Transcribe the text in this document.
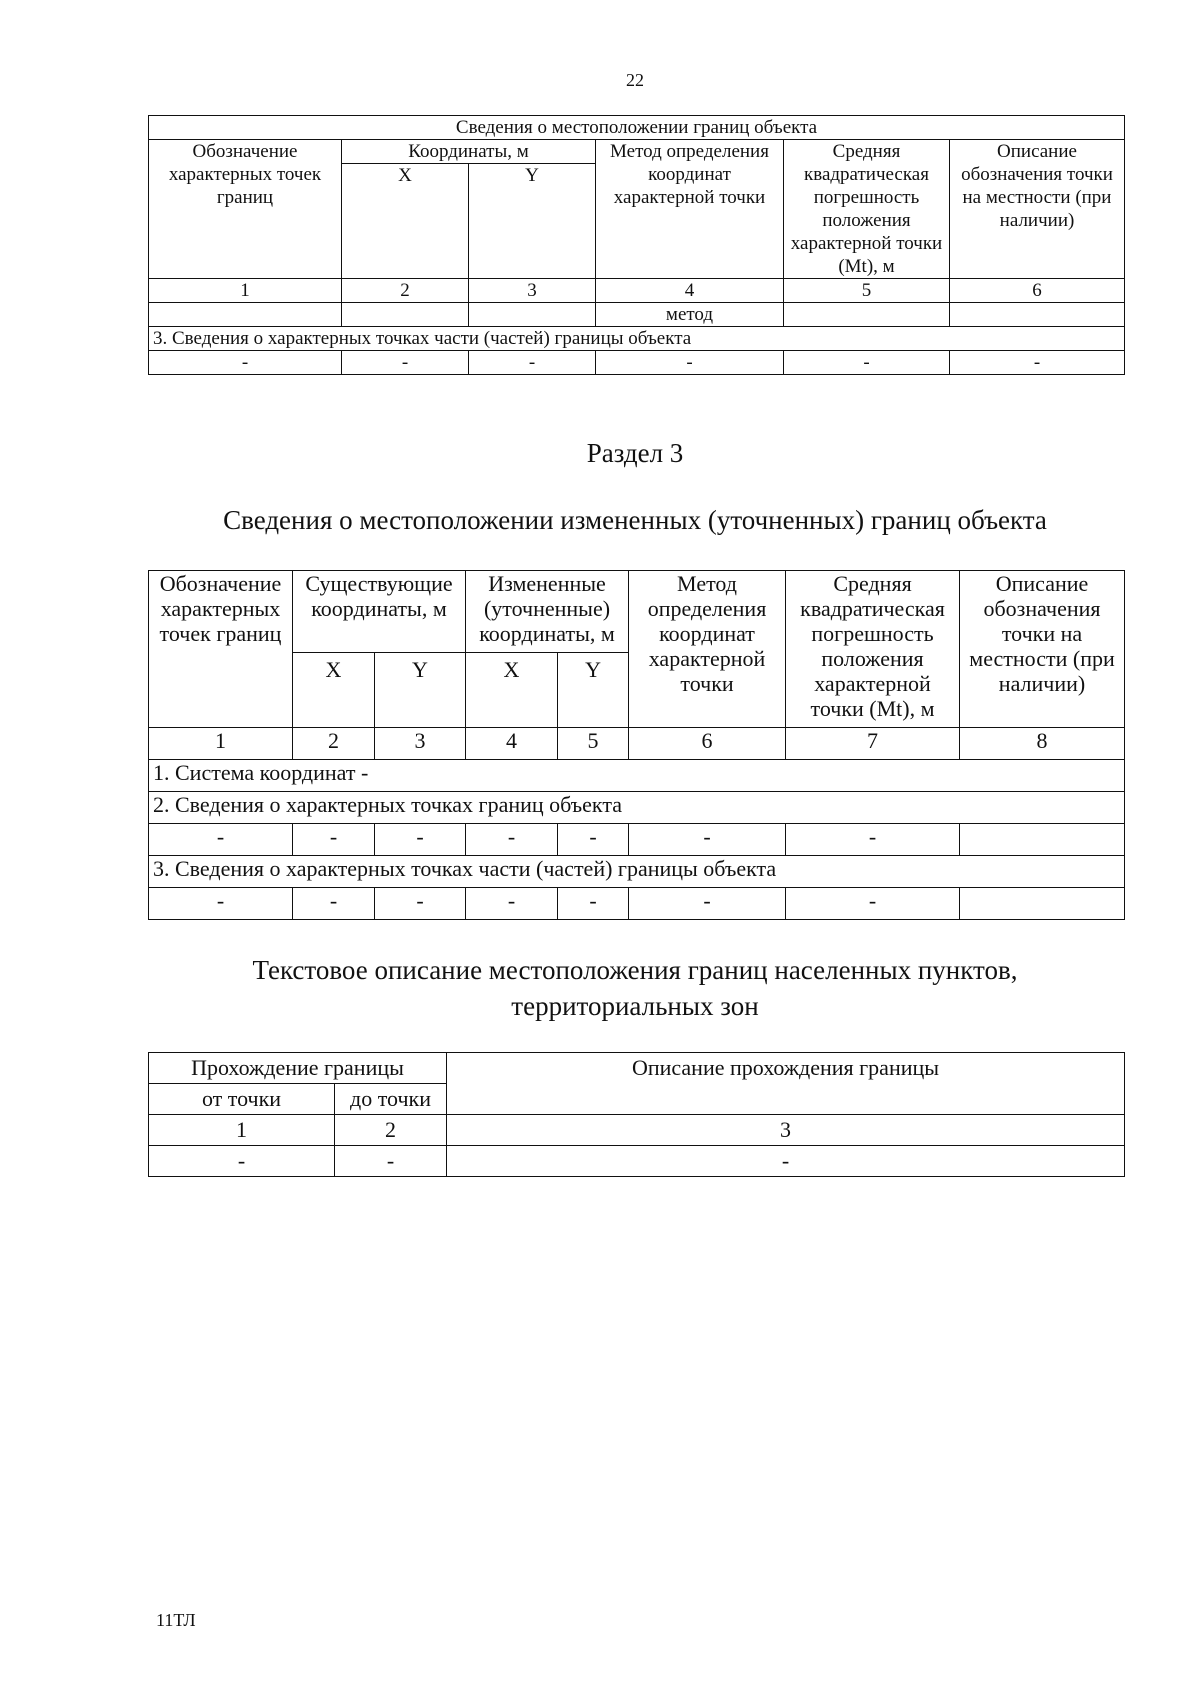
22
Сведения о местоположении границ объекта					
Обозначение характерных точек границ	Координаты, м		Метод определения координат характерной точки	Средняя квадратическая погрешность положения характерной точки (Mt), м	Описание обозначения точки на местности (при наличии)
	X	Y			
1	2	3	4	5	6
			метод		
3. Сведения о характерных точках части (частей) границы объекта					
-	-	-	-	-	-
Раздел 3
Сведения о местоположении измененных (уточненных) границ объекта
Обозначение характерных точек границ	Существующие координаты, м		Измененные (уточненные) координаты, м		Метод определения координат характерной точки	Средняя квадратическая погрешность положения характерной точки (Mt), м	Описание обозначения точки на местности (при наличии)
	X	Y	X	Y			
1	2	3	4	5	6	7	8
1. Система координат -							
2. Сведения о характерных точках границ объекта							
-	-	-	-	-	-	-	
3. Сведения о характерных точках части (частей) границы объекта							
-	-	-	-	-	-	-	
Текстовое описание местоположения границ населенных пунктов,
территориальных зон
Прохождение границы		Описание прохождения границы
от точки	до точки	
1	2	3
-	-	-
11ТЛ
